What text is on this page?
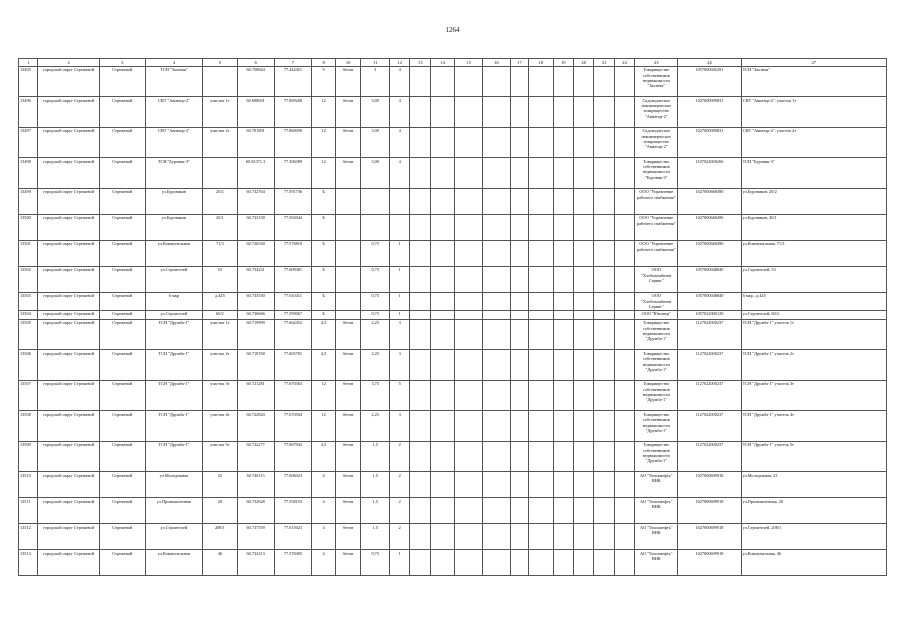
1264
1	2	3	4	5	6	7	8	10	11	12	13	14	15	16	17	18	19	20	21	22	23	24	27
13495	городской округ Стрежевой	Стрежевой	ТСН "Заозная"		60.758844	77.442451	9	бетон	3	4											Товарищество собственников недвижимости "Заозная"	1057000045291	ТСН "Заозная"
13496	городской округ Стрежевой	Стрежевой	СНТ "Авиатор-2"	участок 1т	60.698601	77.869268	12	бетон	3,00	4											Садоводческое некоммерческое товарищество "Авиатор-2"	1027000009831	СНТ "Авиатор-2", участок 1т
13497	городской округ Стрежевой	Стрежевой	СНТ "Авиатор-2"	участок 2т	60.701891	77.860099	12	бетон	3,00	4											Садоводческое некоммерческое товарищество "Авиатор-2"	1027000009831	СНТ "Авиатор-2", участок 2т
13498	городской округ Стрежевой	Стрежевой	ТСН "Буровик-3"		60.81371.3	77.306389	12	бетон	3,00	4											Товарищество собственников недвижимости "Буровик-3"	1107022000266	ТСН "Буровик-3"
13499	городской округ Стрежевой	Стрежевой	ул.Буровиков	20/2	60.732764	77.591736	Б														ООО "Управление рабочего снабжения"	1027000668490	ул.Буровиков, 20/2
13500	городской округ Стрежевой	Стрежевой	ул.Буровиков	20/1	60.733158	77.592044	Б														ООО "Управление рабочего снабжения"	1027000668490	ул.Буровиков, 20/1
13501	городской округ Стрежевой	Стрежевой	ул.Коммунальная	71/3	60.726530	77.576818	Б		0,75	1											ООО "Управление рабочего снабжения"	1027000668490	ул.Коммунальная, 71/3
13502	городской округ Стрежевой	Стрежевой	ул.Строителей	53	60.734231	77.609381	Б		0,75	1											ООО "Хлебокомбинат Сервис"	1057000048849	ул.Строителей, 53
13503	городской округ Стрежевой	Стрежевой	6 мкр	д.445	60.733530	77.610411	Б		0,75	1											ООО "Хлебокомбинат Сервис"	1057000048849	6 мкр., д.445
13504	городской округ Стрежевой	Стрежевой	ул.Строителей	60/2	60.736666	77.599067	Б		0,75	1											ООО "Юнипер"	1057022000129	ул.Строителей, 60/2
13505	городской округ Стрежевой	Стрежевой	ТСН "Дружба-1"	участок 1т	60.719999	77.662452	4,5	бетон	2,25	3											Товарищество собственников недвижимости "Дружба-1"	1127022000237	ТСН "Дружба-1" участок 1т
13506	городской округ Стрежевой	Стрежевой	ТСН "Дружба-1"	участок 2т	60.718768	77.665781	4,5	бетон	2,25	3											Товарищество собственников недвижимости "Дружба-1"	1127022000237	ТСН "Дружба-1" участок 2т
13507	городской округ Стрежевой	Стрежевой	ТСН "Дружба-1"	участок 3т	60.721281	77.670363	12	бетон	3,75	5											Товарищество собственников недвижимости "Дружба-1"	1127022000237	ТСН "Дружба-1" участок 3т
13508	городской округ Стрежевой	Стрежевой	ТСН "Дружба-1"	участок 4т	60.722820	77.670504	12	бетон	2,25	3											Товарищество собственников недвижимости "Дружба-1"	1127022000237	ТСН "Дружба-1" участок 4т
13509	городской округ Стрежевой	Стрежевой	ТСН "Дружба-1"	участок 5т	60.722277	77.667943	4,5	бетон	1,5	2											Товарищество собственников недвижимости "Дружба-1"	1127022000237	ТСН "Дружба-1" участок 5т
13510	городской округ Стрежевой	Стрежевой	ул.Молодежная	23	60.740115	77.606023	4	бетон	1,5	2											АО "Томскнефть" ВНК	1027000699918	ул.Молодежная, 23
13511	городской округ Стрежевой	Стрежевой	ул.Промышленная	20	60.732628	77.558193	4	бетон	1,5	2											АО "Томскнефть" ВНК	1027000699918	ул.Промышленная, 20
13512	городской округ Стрежевой	Стрежевой	ул.Строителей	208/1	60.737559	77.615023	4	бетон	1,5	2											АО "Томскнефть" ВНК	1027000699918	ул.Строителей, 208/1
13513	городской округ Стрежевой	Стрежевой	ул.Коммунальная	46	60.732213	77.578495	4	бетон	0,75	1											АО "Томскнефть" ВНК	1027000699918	ул.Коммунальная, 46
